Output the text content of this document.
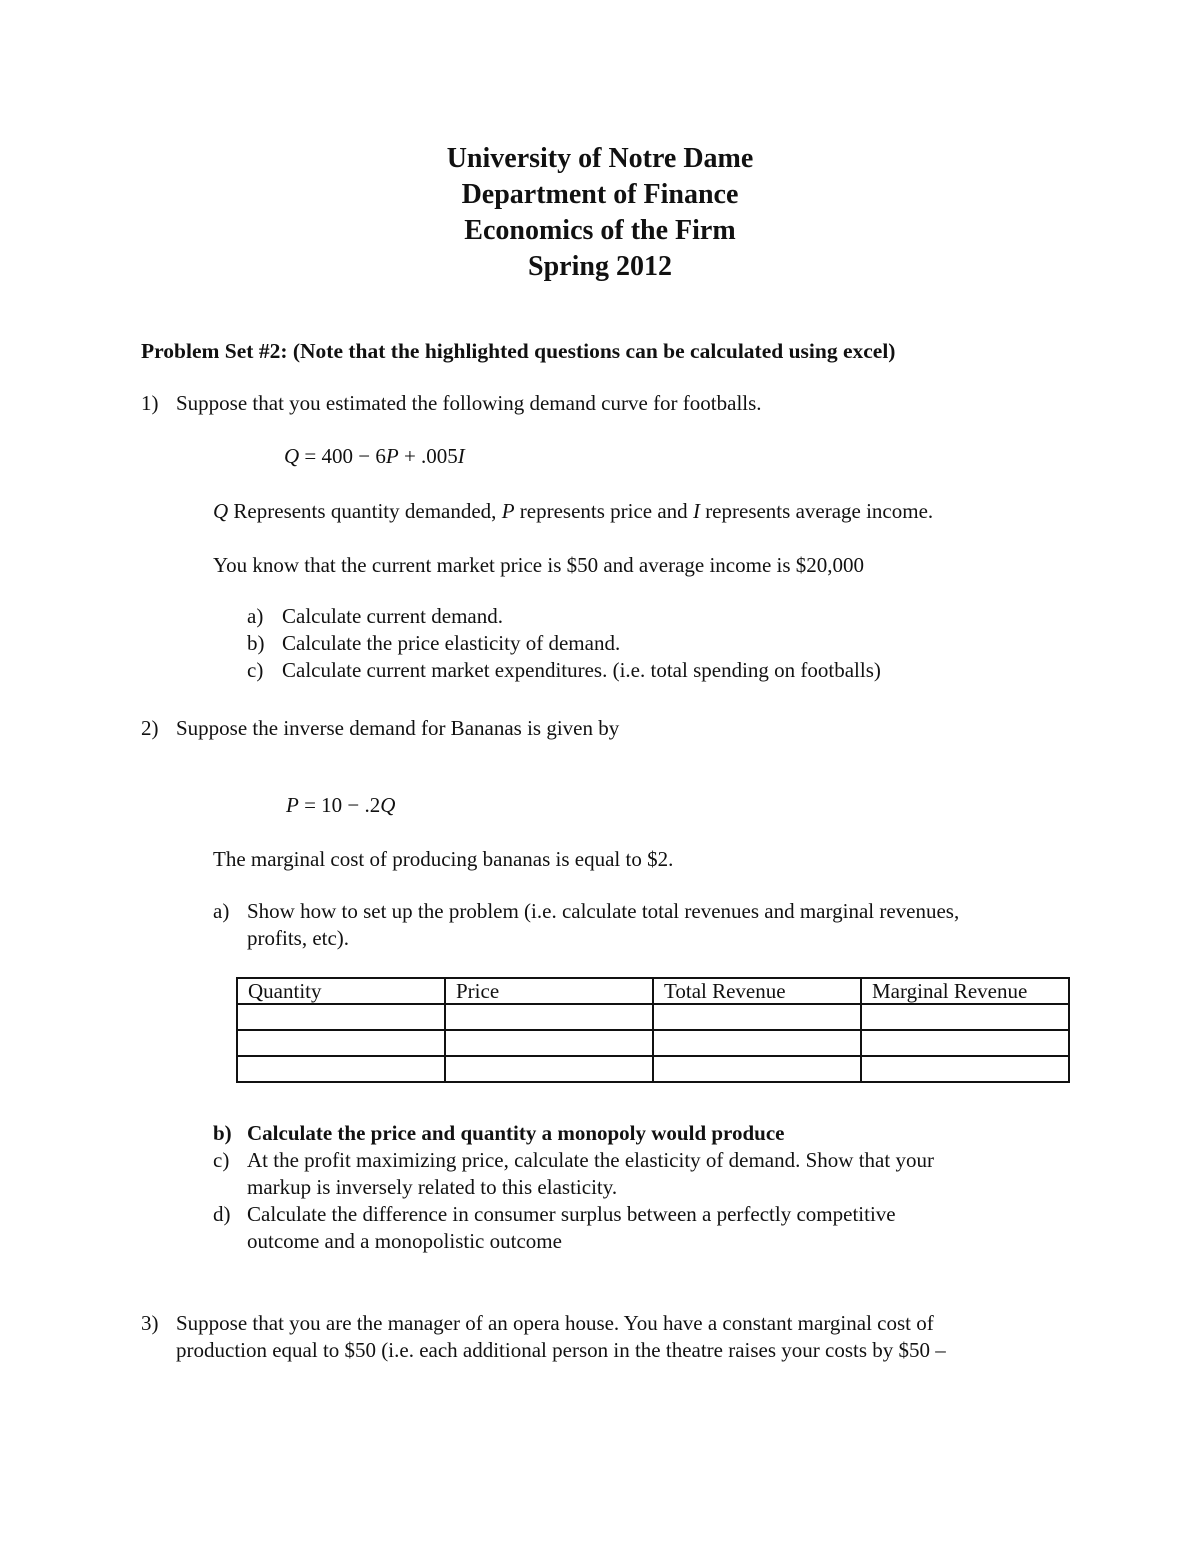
University of Notre Dame
Department of Finance
Economics of the Firm
Spring 2012
Problem Set #2: (Note that the highlighted questions can be calculated using excel)
1) Suppose that you estimated the following demand curve for footballs.
Q = 400 − 6P + .005I
Q Represents quantity demanded, P represents price and I represents average income.
You know that the current market price is $50 and average income is $20,000
a) Calculate current demand.
b) Calculate the price elasticity of demand.
c) Calculate current market expenditures. (i.e. total spending on footballs)
2) Suppose the inverse demand for Bananas is given by
P = 10 − .2Q
The marginal cost of producing bananas is equal to $2.
a) Show how to set up the problem (i.e. calculate total revenues and marginal revenues,
profits, etc).
Quantity	Price	Total Revenue	Marginal Revenue

b) Calculate the price and quantity a monopoly would produce
c) At the profit maximizing price, calculate the elasticity of demand. Show that your
markup is inversely related to this elasticity.
d) Calculate the difference in consumer surplus between a perfectly competitive
outcome and a monopolistic outcome
3) Suppose that you are the manager of an opera house. You have a constant marginal cost of
production equal to $50 (i.e. each additional person in the theatre raises your costs by $50 –
